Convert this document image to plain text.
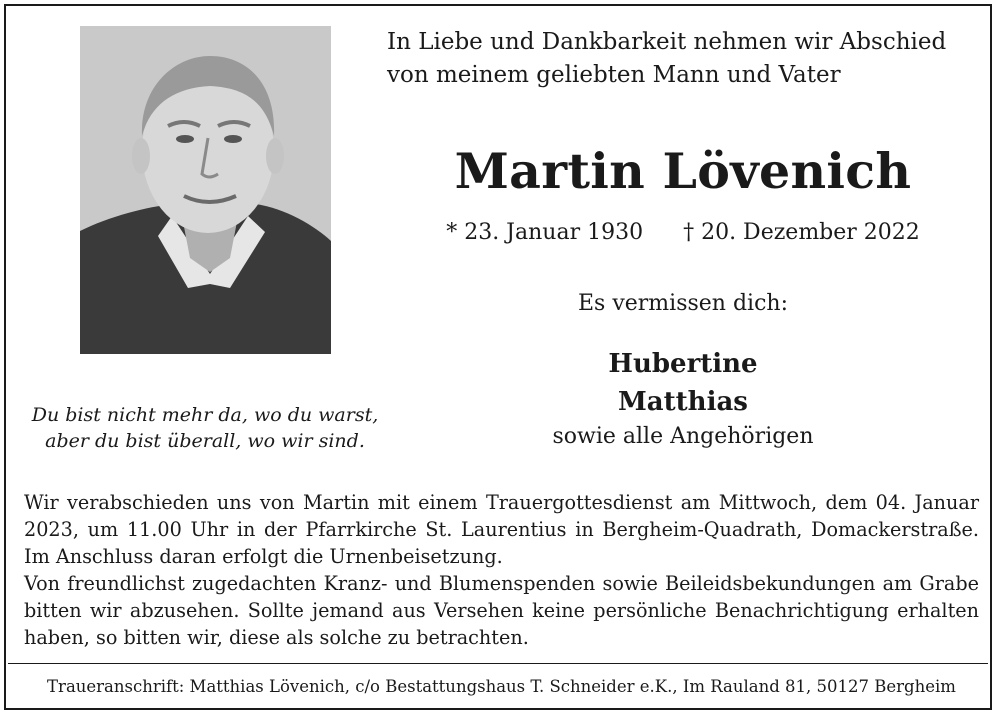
In Liebe und Dankbarkeit nehmen wir Abschied
von meinem geliebten Mann und Vater
Martin Lövenich
* 23. Januar 1930 † 20. Dezember 2022
Es vermissen dich:
Hubertine
Matthias
sowie alle Angehörigen
Du bist nicht mehr da, wo du warst,
aber du bist überall, wo wir sind.

Wir verabschieden uns von Martin mit einem Trauergottesdienst am Mittwoch, dem 04. Januar 2023, um 11.00 Uhr in der Pfarrkirche St. Laurentius in Bergheim-Quadrath, Domackerstraße. Im Anschluss daran erfolgt die Urnenbeisetzung.

Von freundlichst zugedachten Kranz- und Blumenspenden sowie Beileidsbekundungen am Grabe bitten wir abzusehen. Sollte jemand aus Versehen keine persönliche Benachrichtigung erhalten haben, so bitten wir, diese als solche zu betrachten.

Traueranschrift: Matthias Lövenich, c/o Bestattungshaus T. Schneider e.K., Im Rauland 81, 50127 Bergheim
